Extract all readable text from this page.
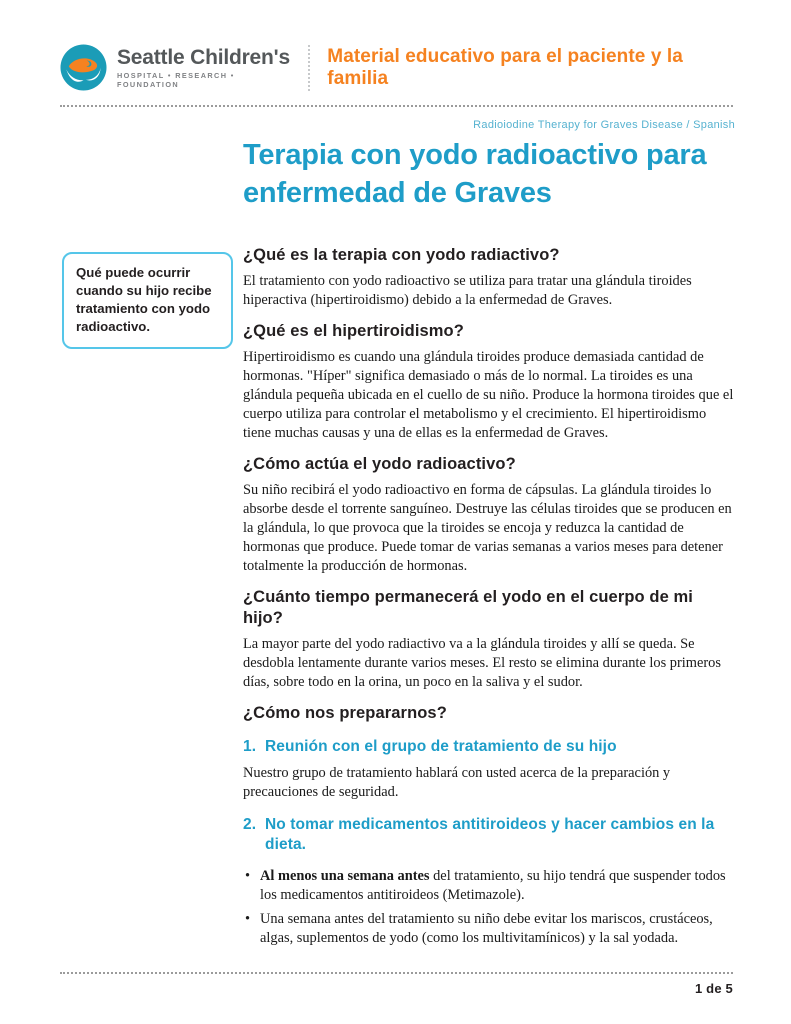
Seattle Children's
HOSPITAL • RESEARCH • FOUNDATION
Material educativo para el paciente y la familia
Qué puede ocurrir cuando su hijo recibe tratamiento con yodo radioactivo.
Radioiodine Therapy for Graves Disease / Spanish
Terapia con yodo radioactivo para enfermedad de Graves
¿Qué es la terapia con yodo radiactivo?

El tratamiento con yodo radioactivo se utiliza para tratar una glándula tiroides hiperactiva (hipertiroidismo) debido a la enfermedad de Graves.

¿Qué es el hipertiroidismo?

Hipertiroidismo es cuando una glándula tiroides produce demasiada cantidad de hormonas. "Híper" significa demasiado o más de lo normal. La tiroides es una glándula pequeña ubicada en el cuello de su niño. Produce la hormona tiroides que el cuerpo utiliza para controlar el metabolismo y el crecimiento. El hipertiroidismo tiene muchas causas y una de ellas es la enfermedad de Graves.

¿Cómo actúa el yodo radioactivo?

Su niño recibirá el yodo radioactivo en forma de cápsulas. La glándula tiroides lo absorbe desde el torrente sanguíneo. Destruye las células tiroides que se producen en la glándula, lo que provoca que la tiroides se encoja y reduzca la cantidad de hormonas que produce. Puede tomar de varias semanas a varios meses para detener totalmente la producción de hormonas.

¿Cuánto tiempo permanecerá el yodo en el cuerpo de mi hijo?

La mayor parte del yodo radiactivo va a la glándula tiroides y allí se queda. Se desdobla lentamente durante varios meses. El resto se elimina durante los primeros días, sobre todo en la orina, un poco en la saliva y el sudor.

¿Cómo nos prepararnos?
1. Reunión con el grupo de tratamiento de su hijo

Nuestro grupo de tratamiento hablará con usted acerca de la preparación y precauciones de seguridad.

2. No tomar medicamentos antitiroideos y hacer cambios en la dieta.
• Al menos una semana antes del tratamiento, su hijo tendrá que suspender todos los medicamentos antitiroideos (Metimazole).
• Una semana antes del tratamiento su niño debe evitar los mariscos, crustáceos, algas, suplementos de yodo (como los multivitamínicos) y la sal yodada.
1 de 5
